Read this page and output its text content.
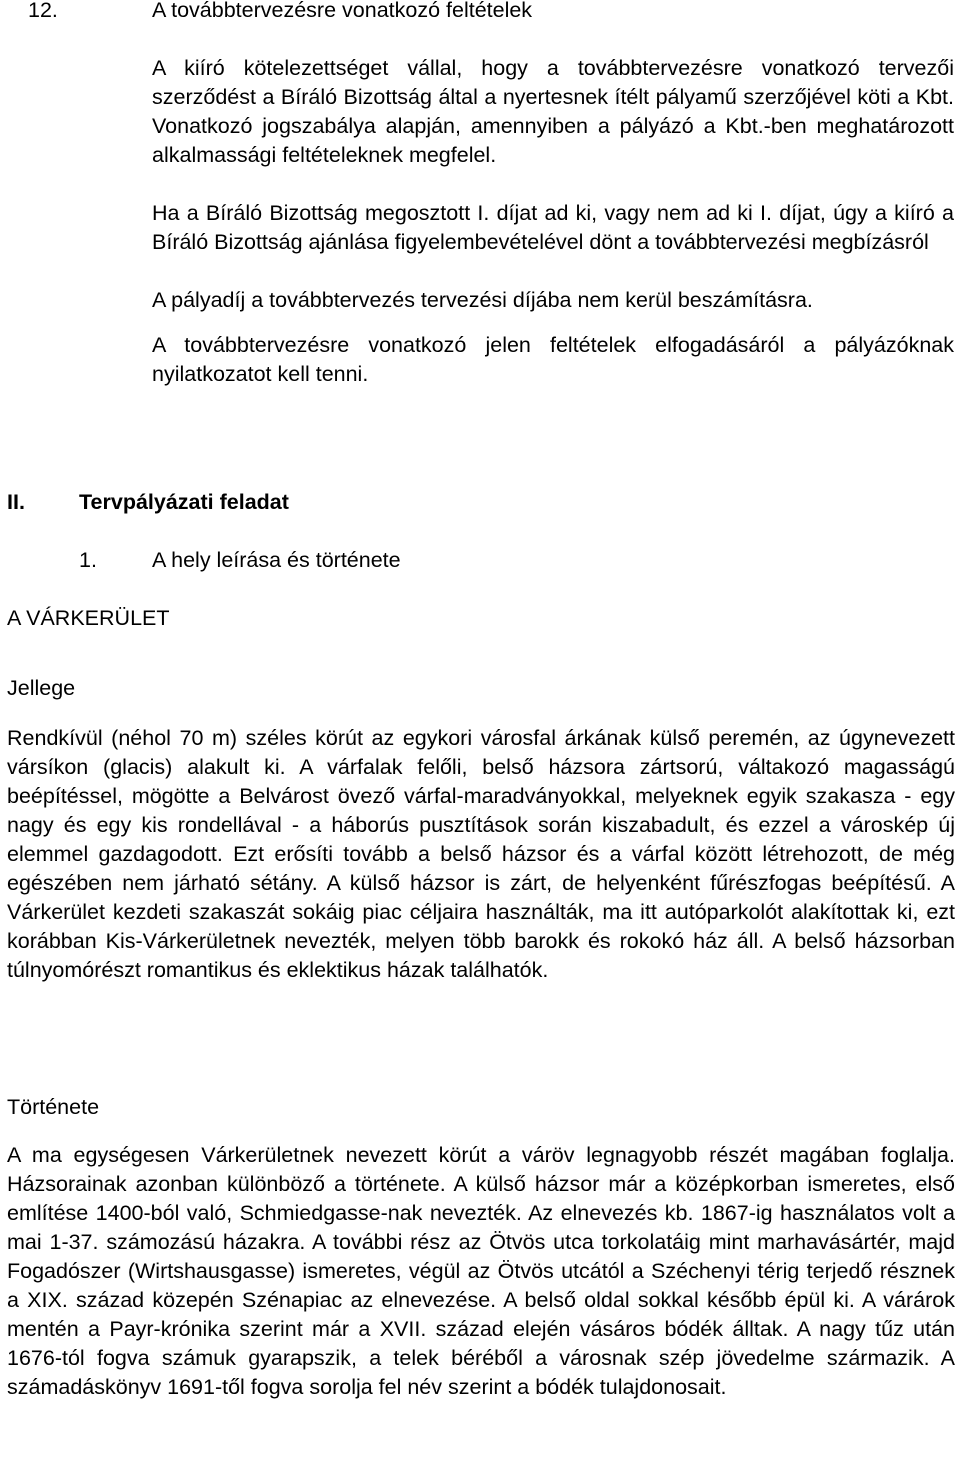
12.	A továbbtervezésre vonatkozó feltételek

A kiíró kötelezettséget vállal, hogy a továbbtervezésre vonatkozó tervezői szerződést a Bíráló Bizottság által a nyertesnek ítélt pályamű szerzőjével köti a Kbt. Vonatkozó jogszabálya alapján, amennyiben a pályázó a Kbt.-ben meghatározott alkalmassági feltételeknek megfelel.

Ha a Bíráló Bizottság megosztott I. díjat ad ki, vagy nem ad ki I. díjat, úgy a kiíró a Bíráló Bizottság ajánlása figyelembevételével dönt a továbbtervezési megbízásról

A pályadíj a továbbtervezés tervezési díjába nem kerül beszámításra.

A továbbtervezésre vonatkozó jelen feltételek elfogadásáról a pályázóknak nyilatkozatot kell tenni.

II.	Tervpályázati feladat
1.	A hely leírása és története
A VÁRKERÜLET
Jellege

Rendkívül (néhol 70 m) széles körút az egykori városfal árkának külső peremén, az úgynevezett vársíkon (glacis) alakult ki. A várfalak felőli, belső házsora zártsorú, váltakozó magasságú beépítéssel, mögötte a Belvárost övező várfal-maradványokkal, melyeknek egyik szakasza - egy nagy és egy kis rondellával - a háborús pusztítások során kiszabadult, és ezzel a városkép új elemmel gazdagodott. Ezt erősíti tovább a belső házsor és a várfal között létrehozott, de még egészében nem járható sétány. A külső házsor is zárt, de helyenként fűrészfogas beépítésű. A Várkerület kezdeti szakaszát sokáig piac céljaira használták, ma itt autóparkolót alakítottak ki, ezt korábban Kis-Várkerületnek nevezték, melyen több barokk és rokokó ház áll. A belső házsorban túlnyomórészt romantikus és eklektikus házak találhatók.

Története

A ma egységesen Várkerületnek nevezett körút a váröv legnagyobb részét magában foglalja. Házsorainak azonban különböző a története. A külső házsor már a középkorban ismeretes, első említése 1400-ból való, Schmiedgasse-nak nevezték. Az elnevezés kb. 1867-ig használatos volt a mai 1-37. számozású házakra. A további rész az Ötvös utca torkolatáig mint marhavásártér, majd Fogadószer (Wirtshausgasse) ismeretes, végül az Ötvös utcától a Széchenyi térig terjedő résznek a XIX. század közepén Szénapiac az elnevezése. A belső oldal sokkal később épül ki. A várárok mentén a Payr-krónika szerint már a XVII. század elején vásáros bódék álltak. A nagy tűz után 1676-tól fogva számuk gyarapszik, a telek béréből a városnak szép jövedelme származik. A számadáskönyv 1691-től fogva sorolja fel név szerint a bódék tulajdonosait.
